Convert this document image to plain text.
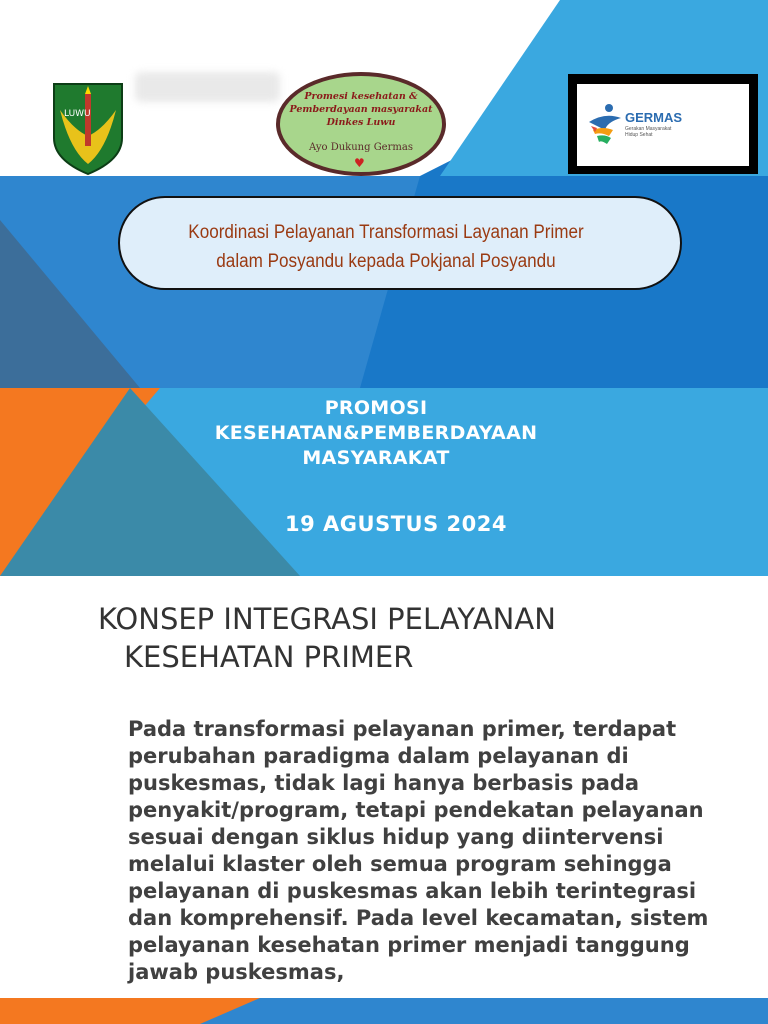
LUWU
Promesi kesehatan &
Pemberdayaan masyarakat
Dinkes Luwu
Ayo Dukung Germas
♥
GERMAS
Gerakan Masyarakat Hidup Sehat
Koordinasi Pelayanan Transformasi Layanan Primer dalam Posyandu kepada Pokjanal Posyandu
PROMOSI
KESEHATAN&PEMBERDAYAAN
MASYARAKAT
19 AGUSTUS 2024
KONSEP INTEGRASI PELAYANAN
KESEHATAN PRIMER
Pada transformasi pelayanan primer, terdapat perubahan paradigma dalam pelayanan di puskesmas, tidak lagi hanya berbasis pada penyakit/program, tetapi pendekatan pelayanan sesuai dengan siklus hidup yang diintervensi melalui klaster oleh semua program sehingga pelayanan di puskesmas akan lebih terintegrasi dan komprehensif. Pada level kecamatan, sistem pelayanan kesehatan primer menjadi tanggung jawab puskesmas,
